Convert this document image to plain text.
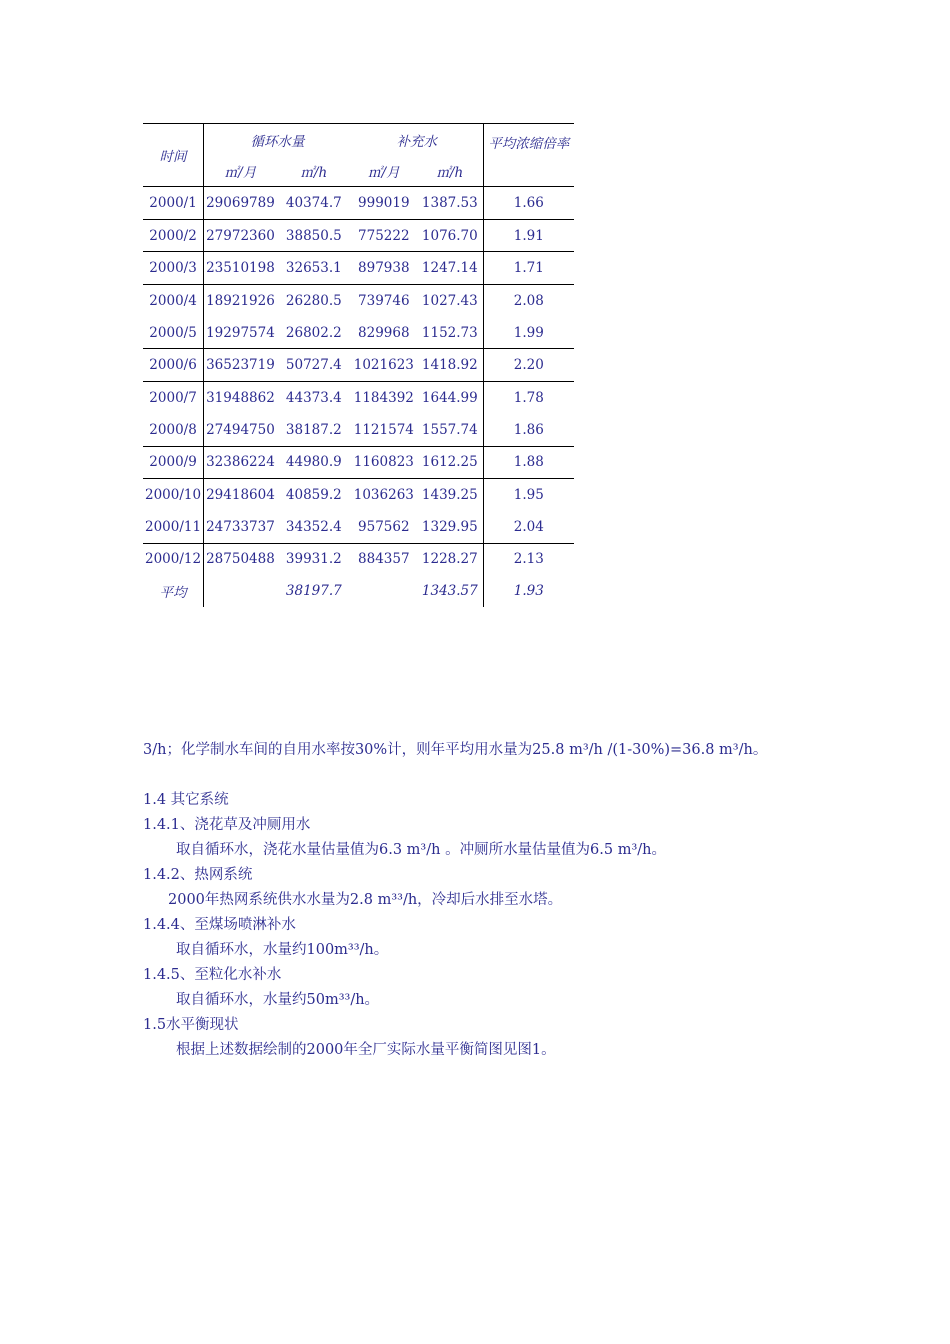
时间	循环水量		补充水		平均浓缩倍率
	㎡/月	㎡/h	㎡/月	㎡/h	
2000/1	29069789	40374.7	999019	1387.53	1.66
2000/2	27972360	38850.5	775222	1076.70	1.91
2000/3	23510198	32653.1	897938	1247.14	1.71
2000/4	18921926	26280.5	739746	1027.43	2.08
2000/5	19297574	26802.2	829968	1152.73	1.99
2000/6	36523719	50727.4	1021623	1418.92	2.20
2000/7	31948862	44373.4	1184392	1644.99	1.78
2000/8	27494750	38187.2	1121574	1557.74	1.86
2000/9	32386224	44980.9	1160823	1612.25	1.88
2000/10	29418604	40859.2	1036263	1439.25	1.95
2000/11	24733737	34352.4	957562	1329.95	2.04
2000/12	28750488	39931.2	884357	1228.27	2.13
平均		38197.7		1343.57	1.93

3/h；化学制水车间的自用水率按30%计，则年平均用水量为25.8 m³/h /(1-30%)=36.8 m³/h。

1.4 其它系统

1.4.1、浇花草及冲厕用水

取自循环水，浇花水量估量值为6.3 m³/h 。冲厕所水量估量值为6.5 m³/h。

1.4.2、热网系统

2000年热网系统供水水量为2.8 m³³/h，冷却后水排至水塔。

1.4.4、至煤场喷淋补水

取自循环水，水量约100m³³/h。

1.4.5、至粒化水补水

取自循环水，水量约50m³³/h。

1.5水平衡现状

根据上述数据绘制的2000年全厂实际水量平衡简图见图1。
